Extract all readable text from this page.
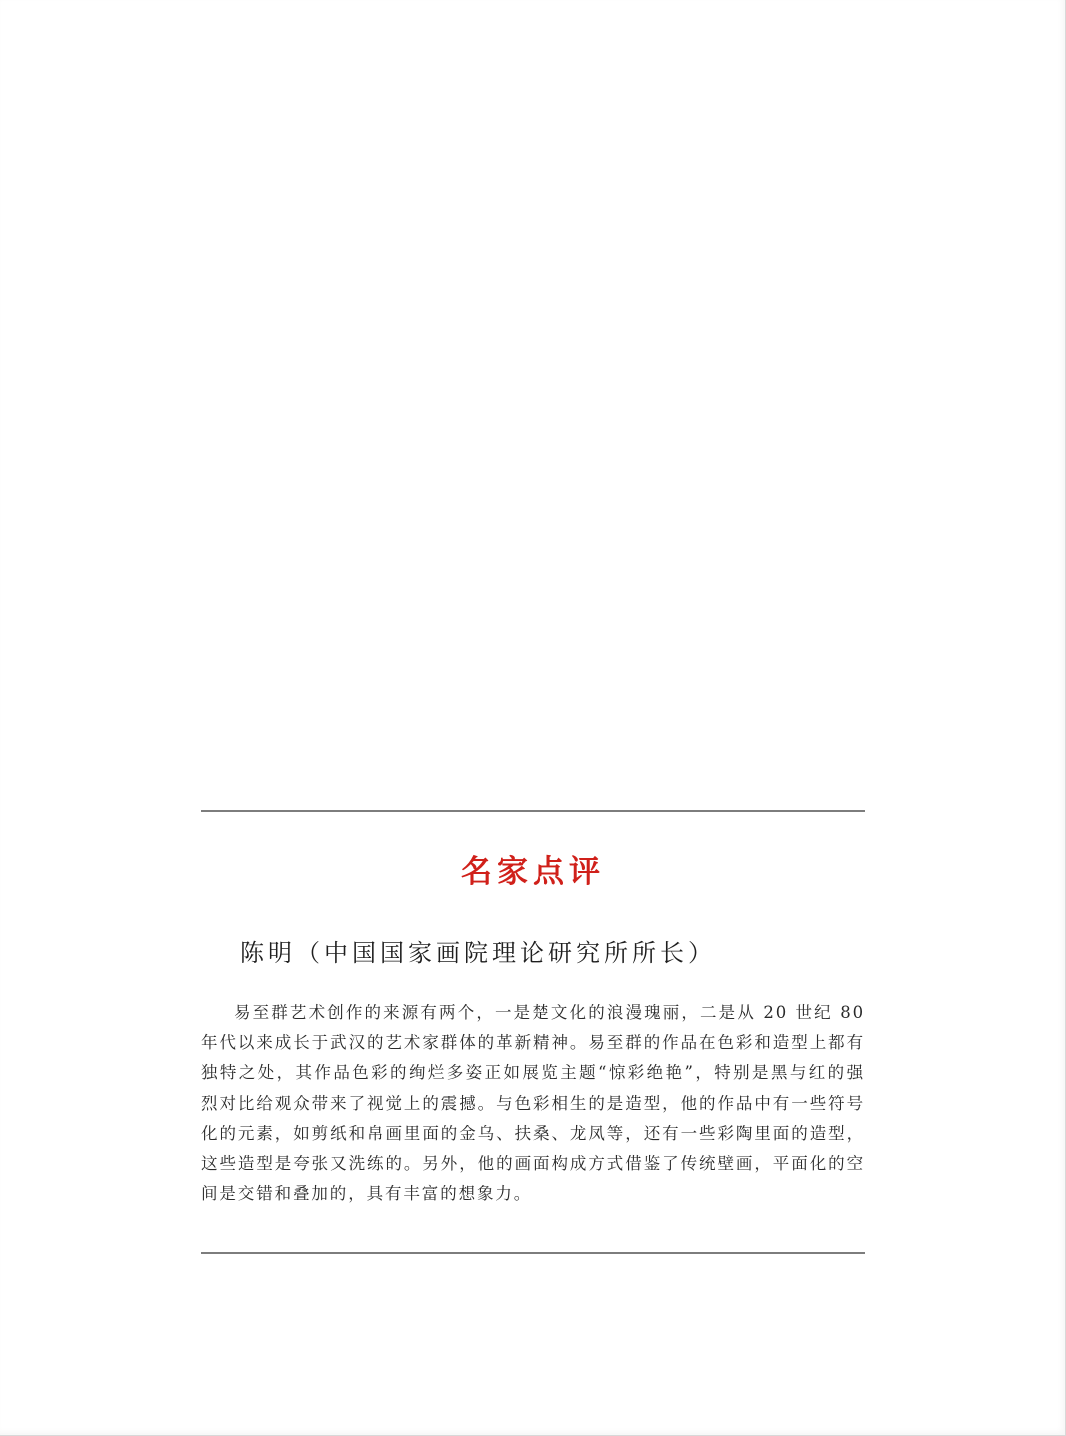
名家点评

陈明（中国国家画院理论研究所所长）

易至群艺术创作的来源有两个，一是楚文化的浪漫瑰丽，二是从 20 世纪 80 年代以来成长于武汉的艺术家群体的革新精神。易至群的作品在色彩和造型上都有独特之处，其作品色彩的绚烂多姿正如展览主题“惊彩绝艳”，特别是黑与红的强烈对比给观众带来了视觉上的震撼。与色彩相生的是造型，他的作品中有一些符号化的元素，如剪纸和帛画里面的金乌、扶桑、龙凤等，还有一些彩陶里面的造型，这些造型是夸张又洗练的。另外，他的画面构成方式借鉴了传统壁画，平面化的空间是交错和叠加的，具有丰富的想象力。
